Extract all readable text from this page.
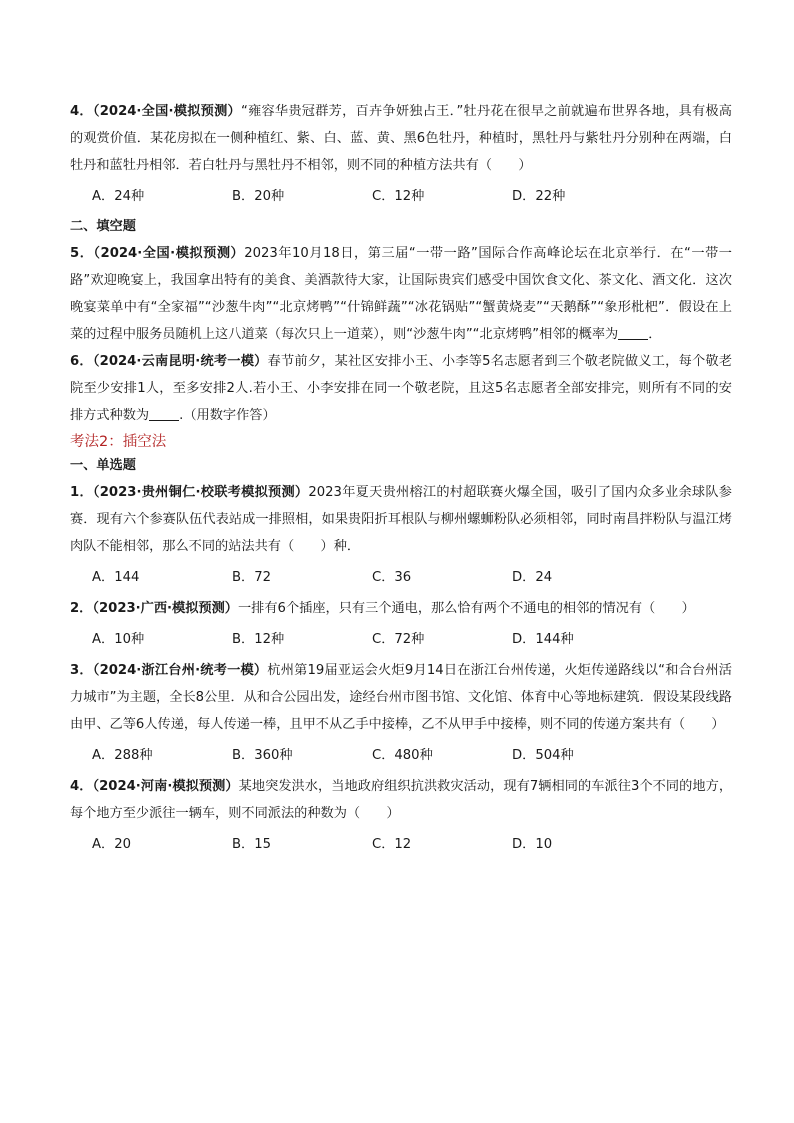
4．（2024·全国·模拟预测）“雍容华贵冠群芳，百卉争妍独占王．”牡丹花在很早之前就遍布世界各地，具有极高的观赏价值．某花房拟在一侧种植红、紫、白、蓝、黄、黑6色牡丹，种植时，黑牡丹与紫牡丹分别种在两端，白牡丹和蓝牡丹相邻．若白牡丹与黑牡丹不相邻，则不同的种植方法共有（　　）

A．24种	B．20种	C．12种	D．22种

二、填空题

5．（2024·全国·模拟预测）2023年10月18日，第三届“一带一路”国际合作高峰论坛在北京举行．在“一带一路”欢迎晚宴上，我国拿出特有的美食、美酒款待大家，让国际贵宾们感受中国饮食文化、茶文化、酒文化．这次晚宴菜单中有“全家福”“沙葱牛肉”“北京烤鸭”“什锦鲜蔬”“冰花锅贴”“蟹黄烧麦”“天鹅酥”“象形枇杷”．假设在上菜的过程中服务员随机上这八道菜（每次只上一道菜），则“沙葱牛肉”“北京烤鸭”相邻的概率为 ．

6．（2024·云南昆明·统考一模）春节前夕，某社区安排小王、小李等5名志愿者到三个敬老院做义工，每个敬老院至少安排1人，至多安排2人.若小王、小李安排在同一个敬老院，且这5名志愿者全部安排完，则所有不同的安排方式种数为 .（用数字作答）

考法2：插空法

一、单选题

1．（2023·贵州铜仁·校联考模拟预测）2023年夏天贵州榕江的村超联赛火爆全国，吸引了国内众多业余球队参赛．现有六个参赛队伍代表站成一排照相，如果贵阳折耳根队与柳州螺蛳粉队必须相邻，同时南昌拌粉队与温江烤肉队不能相邻，那么不同的站法共有（　　）种．

A．144	B．72	C．36	D．24

2．（2023·广西·模拟预测）一排有6个插座，只有三个通电，那么恰有两个不通电的相邻的情况有（　　）

A．10种	B．12种	C．72种	D．144种

3．（2024·浙江台州·统考一模）杭州第19届亚运会火炬9月14日在浙江台州传递，火炬传递路线以“和合台州活力城市”为主题，全长8公里．从和合公园出发，途经台州市图书馆、文化馆、体育中心等地标建筑．假设某段线路由甲、乙等6人传递，每人传递一棒，且甲不从乙手中接棒，乙不从甲手中接棒，则不同的传递方案共有（　　）

A．288种	B．360种	C．480种	D．504种

4．（2024·河南·模拟预测）某地突发洪水，当地政府组织抗洪救灾活动，现有7辆相同的车派往3个不同的地方，每个地方至少派往一辆车，则不同派法的种数为（　　）

A．20	B．15	C．12	D．10
